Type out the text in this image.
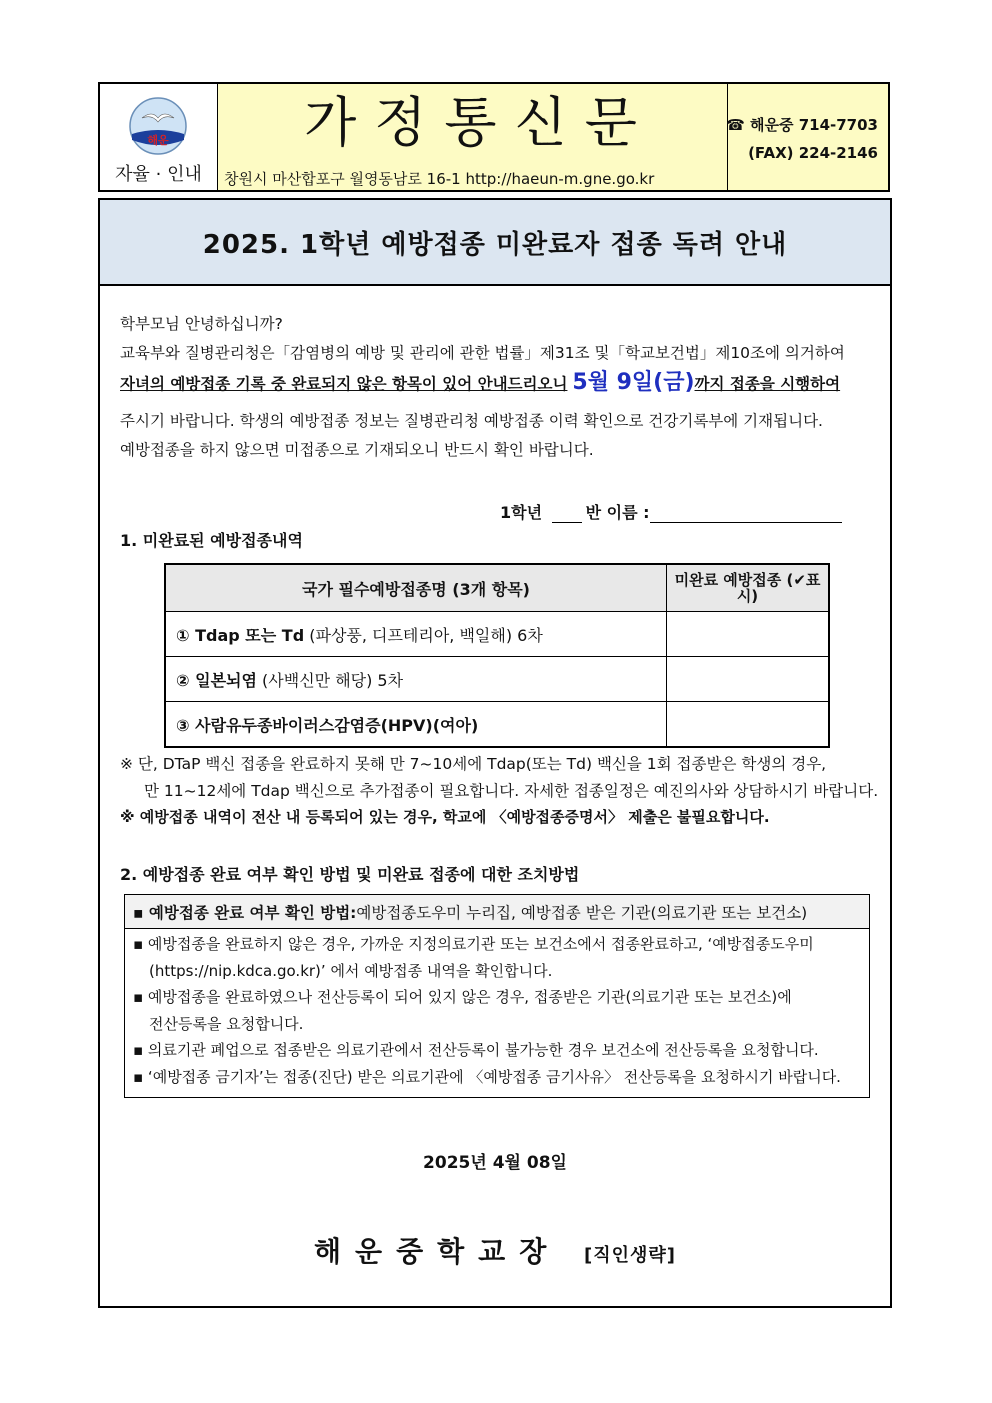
해운
자율 · 인내
가정통신문
창원시 마산합포구 월영동남로 16-1 http://haeun-m.gne.go.kr
☎ 해운중 714-7703
(FAX) 224-2146
2025. 1학년 예방접종 미완료자 접종 독려 안내
학부모님 안녕하십니까?
교육부와 질병관리청은「감염병의 예방 및 관리에 관한 법률」제31조 및「학교보건법」제10조에 의거하여
자녀의 예방접종 기록 중 완료되지 않은 항목이 있어 안내드리오니 5월 9일(금)까지 접종을 시행하여
주시기 바랍니다. 학생의 예방접종 정보는 질병관리청 예방접종 이력 확인으로 건강기록부에 기재됩니다.
예방접종을 하지 않으면 미접종으로 기재되오니 반드시 확인 바랍니다.
1학년	반 이름 :
1. 미완료된 예방접종내역
국가 필수예방접종명 (3개 항목)	미완료 예방접종 (✔표시)
① Tdap 또는 Td (파상풍, 디프테리아, 백일해) 6차	
② 일본뇌염 (사백신만 해당) 5차	
③ 사람유두종바이러스감염증(HPV)(여아)	
※ 단, DTaP 백신 접종을 완료하지 못해 만 7~10세에 Tdap(또는 Td) 백신을 1회 접종받은 학생의 경우,
만 11~12세에 Tdap 백신으로 추가접종이 필요합니다. 자세한 접종일정은 예진의사와 상담하시기 바랍니다.
※ 예방접종 내역이 전산 내 등록되어 있는 경우, 학교에 〈예방접종증명서〉 제출은 불필요합니다.
2. 예방접종 완료 여부 확인 방법 및 미완료 접종에 대한 조치방법
▪ 예방접종 완료 여부 확인 방법: 예방접종도우미 누리집, 예방접종 받은 기관(의료기관 또는 보건소)
▪ 예방접종을 완료하지 않은 경우, 가까운 지정의료기관 또는 보건소에서 접종완료하고, ‘예방접종도우미
(https://nip.kdca.go.kr)’ 에서 예방접종 내역을 확인합니다.
▪ 예방접종을 완료하였으나 전산등록이 되어 있지 않은 경우, 접종받은 기관(의료기관 또는 보건소)에
전산등록을 요청합니다.
▪ 의료기관 폐업으로 접종받은 의료기관에서 전산등록이 불가능한 경우 보건소에 전산등록을 요청합니다.
▪ ‘예방접종 금기자’는 접종(진단) 받은 의료기관에 〈예방접종 금기사유〉 전산등록을 요청하시기 바랍니다.
2025년 4월 08일
해운중학교장 [직인생략]
